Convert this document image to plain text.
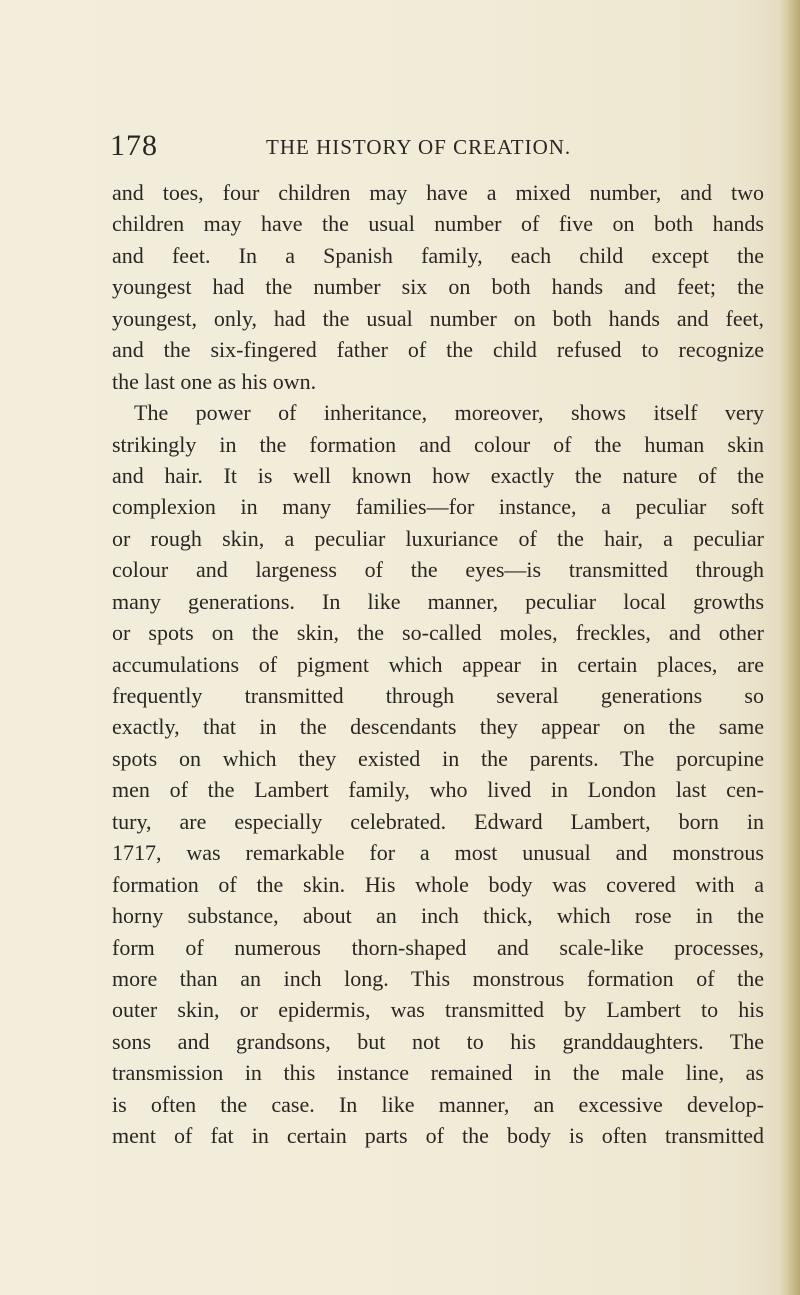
178	THE HISTORY OF CREATION.
and toes, four children may have a mixed number, and two
children may have the usual number of five on both hands
and feet. In a Spanish family, each child except the
youngest had the number six on both hands and feet; the
youngest, only, had the usual number on both hands and feet,
and the six-fingered father of the child refused to recognize
the last one as his own.
The power of inheritance, moreover, shows itself very
strikingly in the formation and colour of the human skin
and hair. It is well known how exactly the nature of the
complexion in many families—for instance, a peculiar soft
or rough skin, a peculiar luxuriance of the hair, a peculiar
colour and largeness of the eyes—is transmitted through
many generations. In like manner, peculiar local growths
or spots on the skin, the so-called moles, freckles, and other
accumulations of pigment which appear in certain places, are
frequently transmitted through several generations so
exactly, that in the descendants they appear on the same
spots on which they existed in the parents. The porcupine
men of the Lambert family, who lived in London last cen-
tury, are especially celebrated. Edward Lambert, born in
1717, was remarkable for a most unusual and monstrous
formation of the skin. His whole body was covered with a
horny substance, about an inch thick, which rose in the
form of numerous thorn-shaped and scale-like processes,
more than an inch long. This monstrous formation of the
outer skin, or epidermis, was transmitted by Lambert to his
sons and grandsons, but not to his granddaughters. The
transmission in this instance remained in the male line, as
is often the case. In like manner, an excessive develop-
ment of fat in certain parts of the body is often transmitted
